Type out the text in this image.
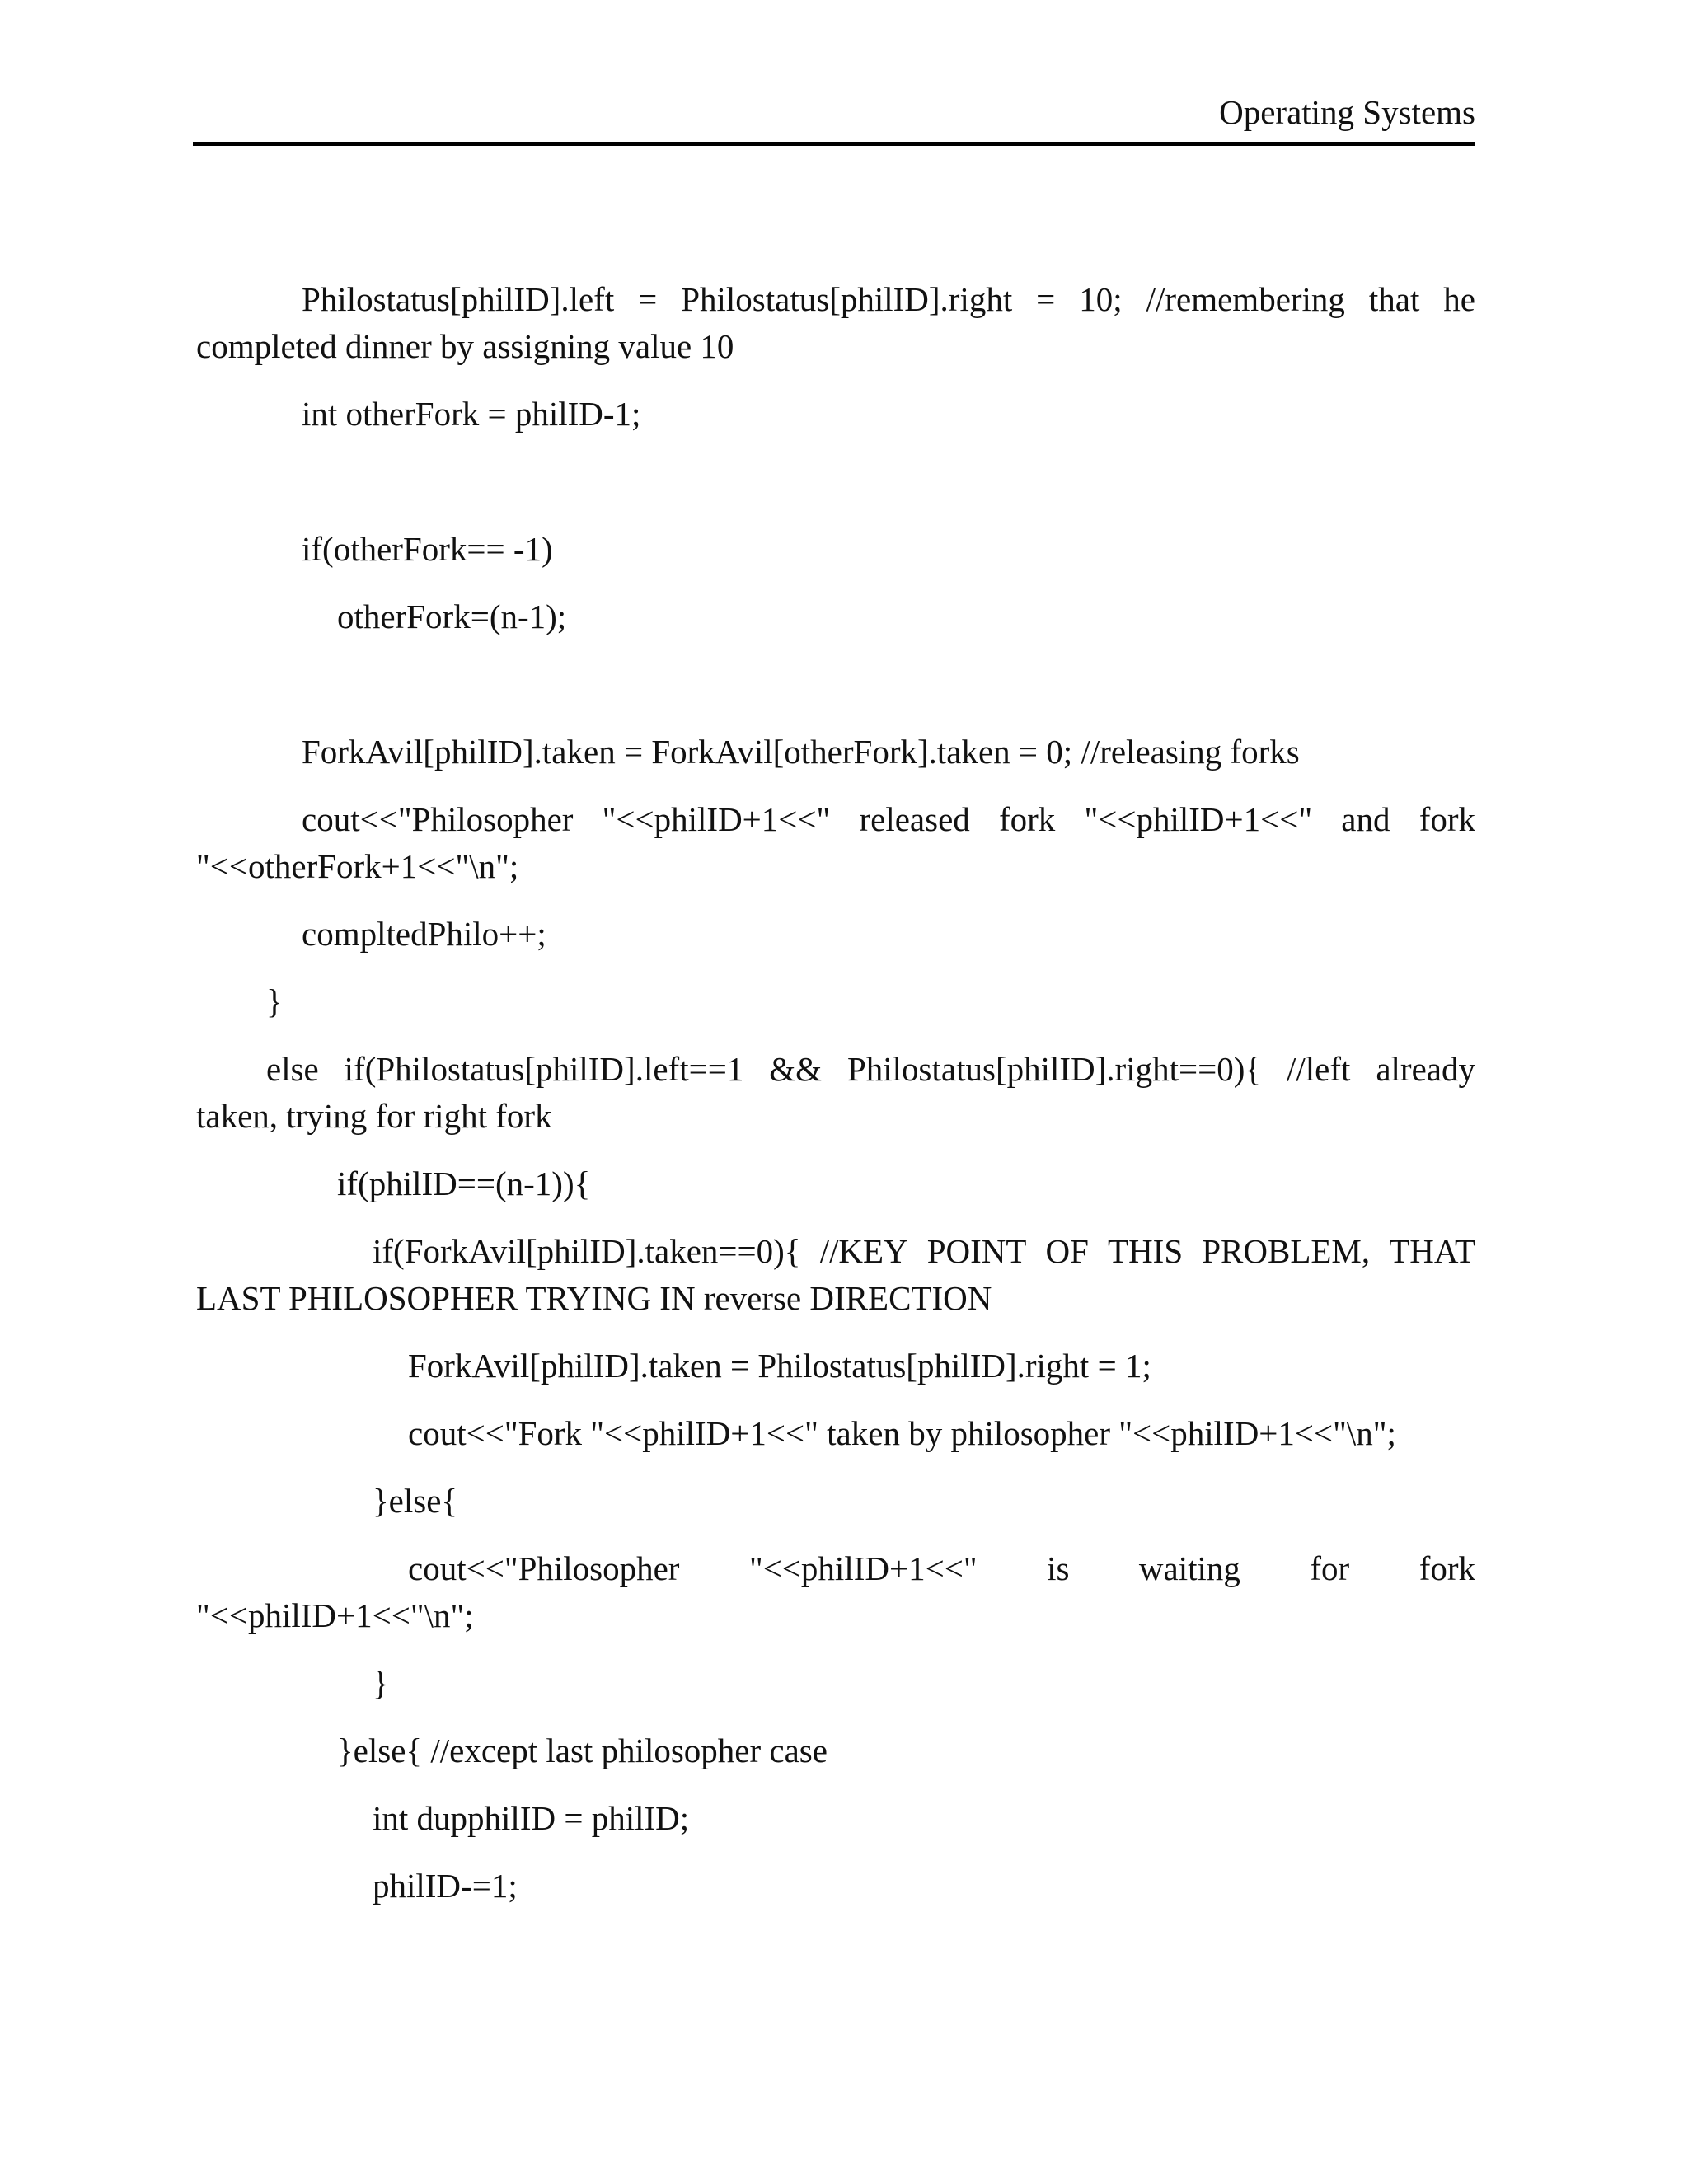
Operating Systems
Philostatus[philID].left = Philostatus[philID].right = 10; //remembering that he
completed dinner by assigning value 10
int otherFork = philID-1;
if(otherFork== -1)
otherFork=(n-1);
ForkAvil[philID].taken = ForkAvil[otherFork].taken = 0; //releasing forks
cout<<"Philosopher "<<philID+1<<" released fork "<<philID+1<<" and fork
"<<otherFork+1<<"\n";
compltedPhilo++;
}
else if(Philostatus[philID].left==1 && Philostatus[philID].right==0){ //left already
taken, trying for right fork
if(philID==(n-1)){
if(ForkAvil[philID].taken==0){ //KEY POINT OF THIS PROBLEM, THAT
LAST PHILOSOPHER TRYING IN reverse DIRECTION
ForkAvil[philID].taken = Philostatus[philID].right = 1;
cout<<"Fork "<<philID+1<<" taken by philosopher "<<philID+1<<"\n";
}else{
cout<<"Philosopher "<<philID+1<<" is waiting for fork
"<<philID+1<<"\n";
}
}else{ //except last philosopher case
int dupphilID = philID;
philID-=1;
